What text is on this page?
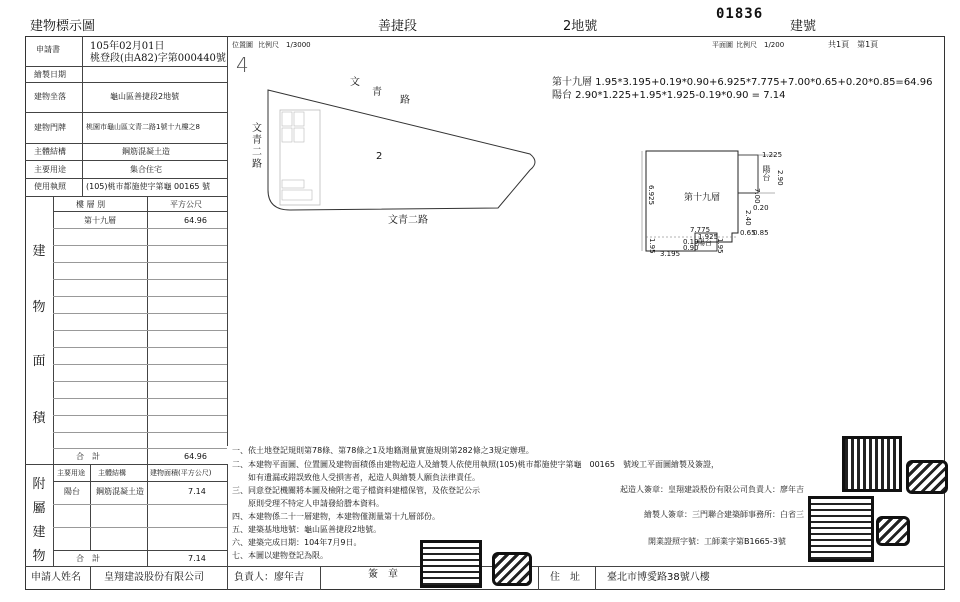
建物標示圖	善捷段	2地號
01836
建號
申請書	105年02月01日
桃登段(由A82)字第000440號
繪製日期
建物坐落	龜山區善捷段2地號
建物門牌	桃園市龜山區文青二路1號十九樓之8
主體結構	鋼筋混凝土造
主要用途	集合住宅
使用執照	(105)桃市都施使字第龜 00165 號
建
物
面
積
樓 層 別	平方公尺
第十九層	64.96
合　計	64.96
附
屬
建
物
主要用途 主體結構	建物面積(平方公尺)
陽台 鋼筋混凝土造	7.14
合　計	7.14
位置圖 比例尺　1/3000
4
文
青
路
文
青
二
路
2
文青二路
平面圖 比例尺　1/200	共1頁　第1頁
第十九層 1.95*3.195+0.19*0.90+6.925*7.775+7.00*0.65+0.20*0.85=64.96
陽台 2.90*1.225+1.95*1.925-0.19*0.90 = 7.14
第十九層
陽台
陽台
1.225
2.90
7.00
0.20
2.40
0.85
6.925
7.775
1.925
0.19
0.90 1.95
0.65
3.195
1.95
一、依土地登記規則第78條、第78條之1及地籍測量實施規則第282條之3規定辦理。
二、本建物平面圖、位置圖及建物面積係由建物起造人及繪製人依使用執照(105)桃市都施使字第龜　00165　號竣工平面圖繪製及簽證，
　　如有遺漏或錯誤致他人受損害者，起造人與繪製人願負法律責任。
三、同意登記機關將本圖及檢附之電子檔資料建檔保管，及依登記公示
　　原則受理不特定人申請發給謄本資料。
四、本建物係二十一層建物，本建物僅測量第十九層部份。
五、建築基地地號：龜山區善捷段2地號。
六、建築完成日期：104年7月9日。
七、本圖以建物登記為限。
起造人簽章：皇翔建設股份有限公司負責人：廖年吉
繪製人簽章：三門聯合建築師事務所：白省三
開業證照字號：工師業字第B1665-3號
申請人姓名 皇翔建設股份有限公司	負責人：廖年吉	簽　章	住　址	臺北市博愛路38號八樓
